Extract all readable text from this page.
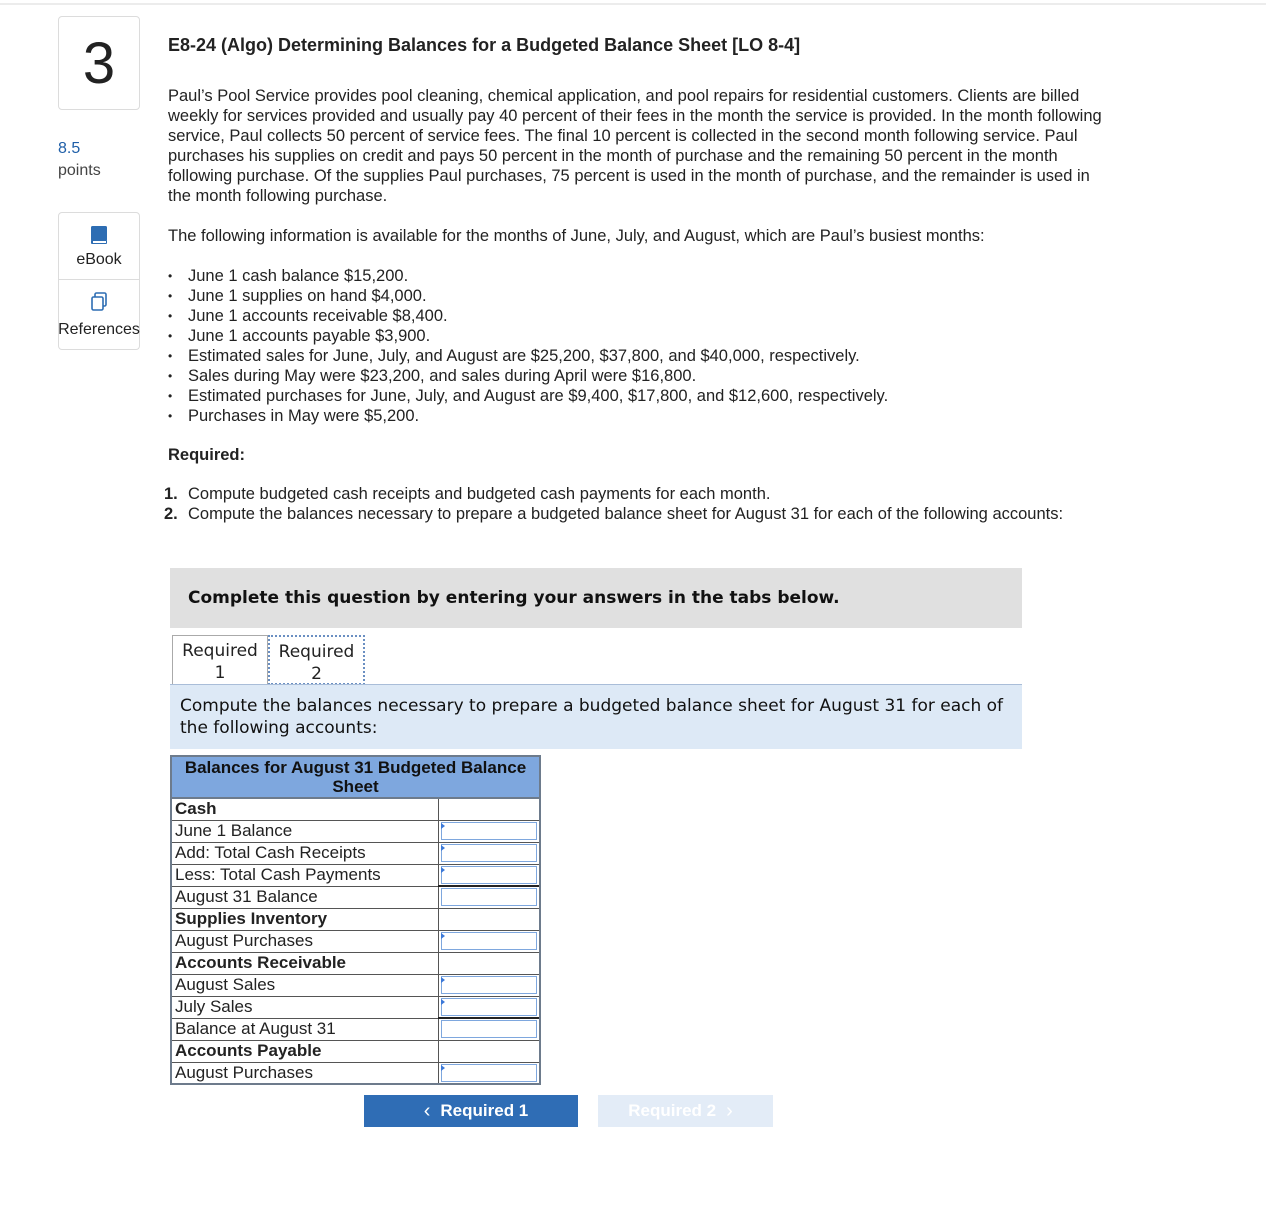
3
8.5
points
eBook
References
E8-24 (Algo) Determining Balances for a Budgeted Balance Sheet [LO 8-4]

Paul’s Pool Service provides pool cleaning, chemical application, and pool repairs for residential customers. Clients are billed weekly for services provided and usually pay 40 percent of their fees in the month the service is provided. In the month following service, Paul collects 50 percent of service fees. The final 10 percent is collected in the second month following service. Paul purchases his supplies on credit and pays 50 percent in the month of purchase and the remaining 50 percent in the month following purchase. Of the supplies Paul purchases, 75 percent is used in the month of purchase, and the remainder is used in the month following purchase.

The following information is available for the months of June, July, and August, which are Paul’s busiest months:

• June 1 cash balance $15,200.
• June 1 supplies on hand $4,000.
• June 1 accounts receivable $8,400.
• June 1 accounts payable $3,900.
• Estimated sales for June, July, and August are $25,200, $37,800, and $40,000, respectively.
• Sales during May were $23,200, and sales during April were $16,800.
• Estimated purchases for June, July, and August are $9,400, $17,800, and $12,600, respectively.
• Purchases in May were $5,200.

Required:

1. Compute budgeted cash receipts and budgeted cash payments for each month.
2. Compute the balances necessary to prepare a budgeted balance sheet for August 31 for each of the following accounts:
Complete this question by entering your answers in the tabs below.
Required
1
Required
2
Compute the balances necessary to prepare a budgeted balance sheet for August 31 for each of the following accounts:
Balances for August 31 Budgeted Balance Sheet	
Cash	
June 1 Balance	

Add: Total Cash Receipts	

Less: Total Cash Payments	

August 31 Balance	
Supplies Inventory	
August Purchases	

Accounts Receivable	
August Sales	

July Sales	

Balance at August 31	
Accounts Payable	
August Purchases	
‹ Required 1	Required 2 ›
